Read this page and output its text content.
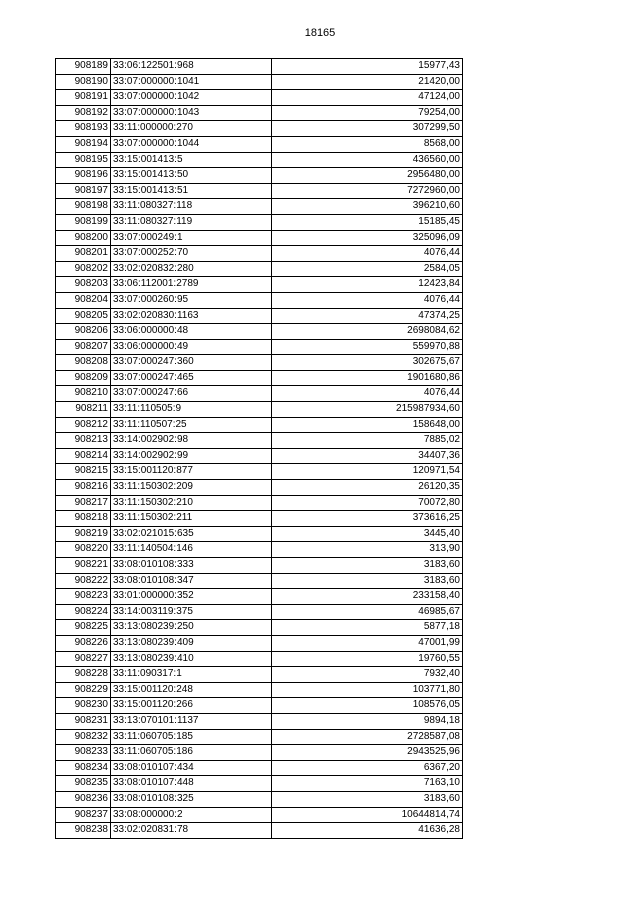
18165
908189	33:06:122501:968	15977,43
908190	33:07:000000:1041	21420,00
908191	33:07:000000:1042	47124,00
908192	33:07:000000:1043	79254,00
908193	33:11:000000:270	307299,50
908194	33:07:000000:1044	8568,00
908195	33:15:001413:5	436560,00
908196	33:15:001413:50	2956480,00
908197	33:15:001413:51	7272960,00
908198	33:11:080327:118	396210,60
908199	33:11:080327:119	15185,45
908200	33:07:000249:1	325096,09
908201	33:07:000252:70	4076,44
908202	33:02:020832:280	2584,05
908203	33:06:112001:2789	12423,84
908204	33:07:000260:95	4076,44
908205	33:02:020830:1163	47374,25
908206	33:06:000000:48	2698084,62
908207	33:06:000000:49	559970,88
908208	33:07:000247:360	302675,67
908209	33:07:000247:465	1901680,86
908210	33:07:000247:66	4076,44
908211	33:11:110505:9	215987934,60
908212	33:11:110507:25	158648,00
908213	33:14:002902:98	7885,02
908214	33:14:002902:99	34407,36
908215	33:15:001120:877	120971,54
908216	33:11:150302:209	26120,35
908217	33:11:150302:210	70072,80
908218	33:11:150302:211	373616,25
908219	33:02:021015:635	3445,40
908220	33:11:140504:146	313,90
908221	33:08:010108:333	3183,60
908222	33:08:010108:347	3183,60
908223	33:01:000000:352	233158,40
908224	33:14:003119:375	46985,67
908225	33:13:080239:250	5877,18
908226	33:13:080239:409	47001,99
908227	33:13:080239:410	19760,55
908228	33:11:090317:1	7932,40
908229	33:15:001120:248	103771,80
908230	33:15:001120:266	108576,05
908231	33:13:070101:1137	9894,18
908232	33:11:060705:185	2728587,08
908233	33:11:060705:186	2943525,96
908234	33:08:010107:434	6367,20
908235	33:08:010107:448	7163,10
908236	33:08:010108:325	3183,60
908237	33:08:000000:2	10644814,74
908238	33:02:020831:78	41636,28
